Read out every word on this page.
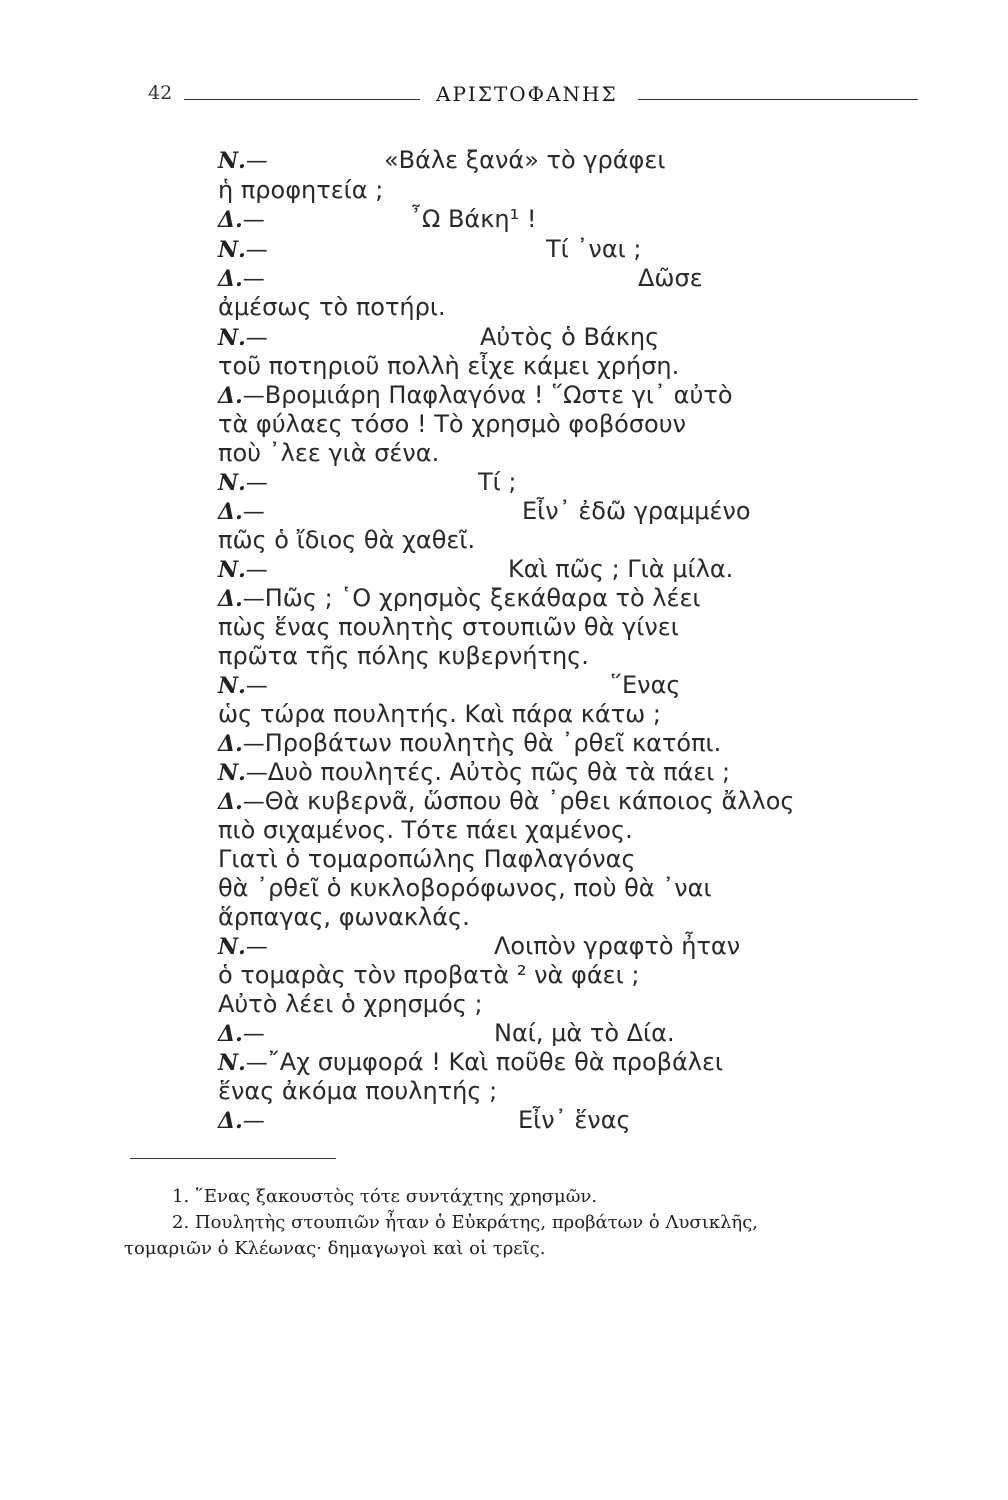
42	ΑΡΙΣΤΟΦΑΝΗΣ
Ν.—	«Βάλε ξανά» τὸ γράφει
ἡ προφητεία ;
Δ.—	῏Ω Βάκη¹ !
Ν.—	Τί ᾿ναι ;
Δ.—	Δῶσε
ἀμέσως τὸ ποτήρι.
Ν.—	Αὐτὸς ὁ Βάκης
τοῦ ποτηριοῦ πολλὴ εἶχε κάμει χρήση.
Δ.—Βρομιάρη Παφλαγόνα ! ῞Ωστε γι᾿ αὐτὸ
τὰ φύλαες τόσο ! Τὸ χρησμὸ φοβόσουν
ποὺ ᾿λεε γιὰ σένα.
Ν.—	Τί ;
Δ.—	Εἶν᾿ ἐδῶ γραμμένο
πῶς ὁ ἴδιος θὰ χαθεῖ.
Ν.—	Καὶ πῶς ; Γιὰ μίλα.
Δ.—Πῶς ; ῾Ο χρησμὸς ξεκάθαρα τὸ λέει
πὼς ἕνας πουλητὴς στουπιῶν θὰ γίνει
πρῶτα τῆς πόλης κυβερνήτης.
Ν.—	῞Ενας
ὡς τώρα πουλητής. Καὶ πάρα κάτω ;
Δ.—Προβάτων πουλητὴς θὰ ᾿ρθεῖ κατόπι.
Ν.—Δυὸ πουλητές. Αὐτὸς πῶς θὰ τὰ πάει ;
Δ.—Θὰ κυβερνᾶ, ὥσπου θὰ ᾿ρθει κάποιος ἄλλος
πιὸ σιχαμένος. Τότε πάει χαμένος.
Γιατὶ ὁ τομαροπώλης Παφλαγόνας
θὰ ᾿ρθεῖ ὁ κυκλοβορόφωνος, ποὺ θὰ ᾿ναι
ἅρπαγας, φωνακλάς.
Ν.—	Λοιπὸν γραφτὸ ἦταν
ὁ τομαρὰς τὸν προβατὰ ² νὰ φάει ;
Αὐτὸ λέει ὁ χρησμός ;
Δ.—	Ναί, μὰ τὸ Δία.
Ν.—῎Αχ συμφορά ! Καὶ ποῦθε θὰ προβάλει
ἕνας ἀκόμα πουλητής ;
Δ.—	Εἶν᾿ ἕνας
1. ῞Ενας ξακουστὸς τότε συντάχτης χρησμῶν.
2. Πουλητὴς στουπιῶν ἦταν ὁ Εὐκράτης, προβάτων ὁ Λυσικλῆς,
τομαριῶν ὁ Κλέωνας· δημαγωγοὶ καὶ οἱ τρεῖς.
